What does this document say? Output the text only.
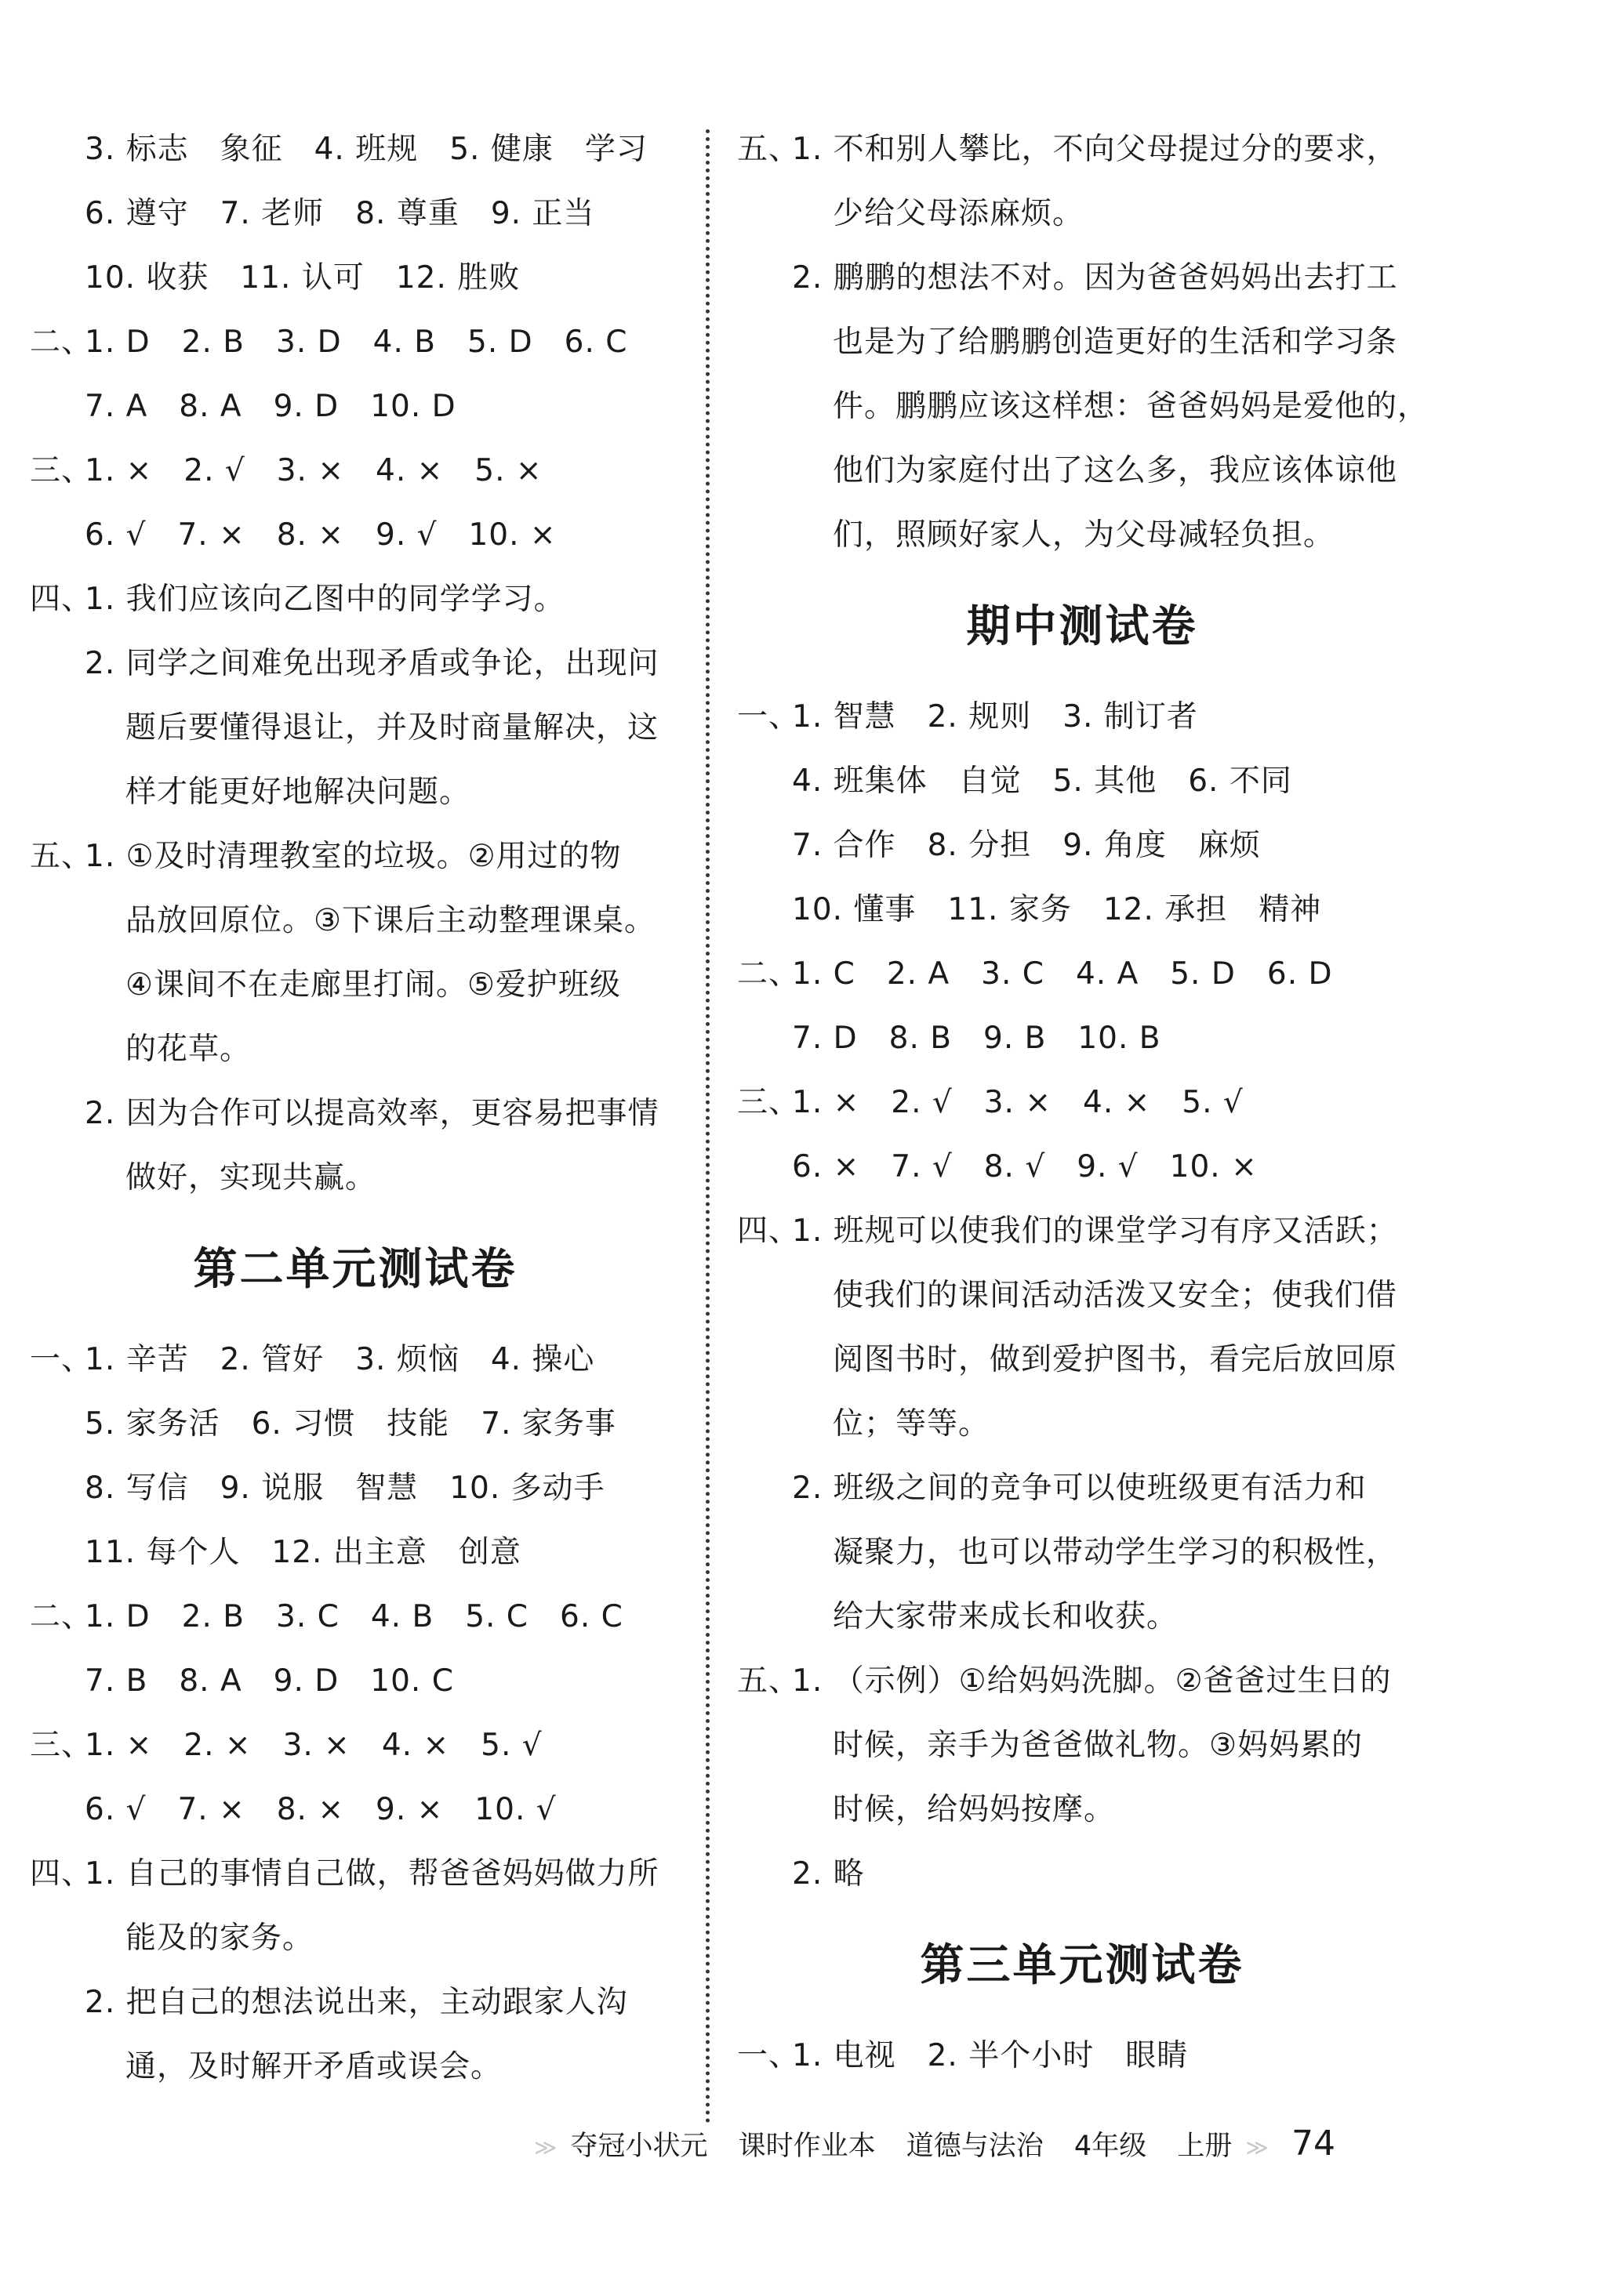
3. 标志　象征　4. 班规　5. 健康　学习
6. 遵守　7. 老师　8. 尊重　9. 正当
10. 收获　11. 认可　12. 胜败
二、
1. D　2. B　3. D　4. B　5. D　6. C
7. A　8. A　9. D　10. D
三、
1. ×　2. √　3. ×　4. ×　5. ×
6. √　7. ×　8. ×　9. √　10. ×
四、
1. 我们应该向乙图中的同学学习。
2. 同学之间难免出现矛盾或争论，出现问
题后要懂得退让，并及时商量解决，这
样才能更好地解决问题。
五、
1. ①及时清理教室的垃圾。②用过的物
品放回原位。③下课后主动整理课桌。
④课间不在走廊里打闹。⑤爱护班级
的花草。
2. 因为合作可以提高效率，更容易把事情
做好，实现共赢。
第二单元测试卷
一、
1. 辛苦　2. 管好　3. 烦恼　4. 操心
5. 家务活　6. 习惯　技能　7. 家务事
8. 写信　9. 说服　智慧　10. 多动手
11. 每个人　12. 出主意　创意
二、
1. D　2. B　3. C　4. B　5. C　6. C
7. B　8. A　9. D　10. C
三、
1. ×　2. ×　3. ×　4. ×　5. √
6. √　7. ×　8. ×　9. ×　10. √
四、
1. 自己的事情自己做，帮爸爸妈妈做力所
能及的家务。
2. 把自己的想法说出来，主动跟家人沟
通，及时解开矛盾或误会。
五、
1. 不和别人攀比，不向父母提过分的要求，
少给父母添麻烦。
2. 鹏鹏的想法不对。因为爸爸妈妈出去打工
也是为了给鹏鹏创造更好的生活和学习条
件。鹏鹏应该这样想：爸爸妈妈是爱他的，
他们为家庭付出了这么多，我应该体谅他
们，照顾好家人，为父母减轻负担。
期中测试卷
一、
1. 智慧　2. 规则　3. 制订者
4. 班集体　自觉　5. 其他　6. 不同
7. 合作　8. 分担　9. 角度　麻烦
10. 懂事　11. 家务　12. 承担　精神
二、
1. C　2. A　3. C　4. A　5. D　6. D
7. D　8. B　9. B　10. B
三、
1. ×　2. √　3. ×　4. ×　5. √
6. ×　7. √　8. √　9. √　10. ×
四、
1. 班规可以使我们的课堂学习有序又活跃；
使我们的课间活动活泼又安全；使我们借
阅图书时，做到爱护图书，看完后放回原
位；等等。
2. 班级之间的竞争可以使班级更有活力和
凝聚力，也可以带动学生学习的积极性，
给大家带来成长和收获。
五、
1. （示例）①给妈妈洗脚。②爸爸过生日的
时候，亲手为爸爸做礼物。③妈妈累的
时候，给妈妈按摩。
2. 略
第三单元测试卷
一、
1. 电视　2. 半个小时　眼睛
≫ 夺冠小状元 课时作业本 道德与法治 4年级 上册 ≫ 74
